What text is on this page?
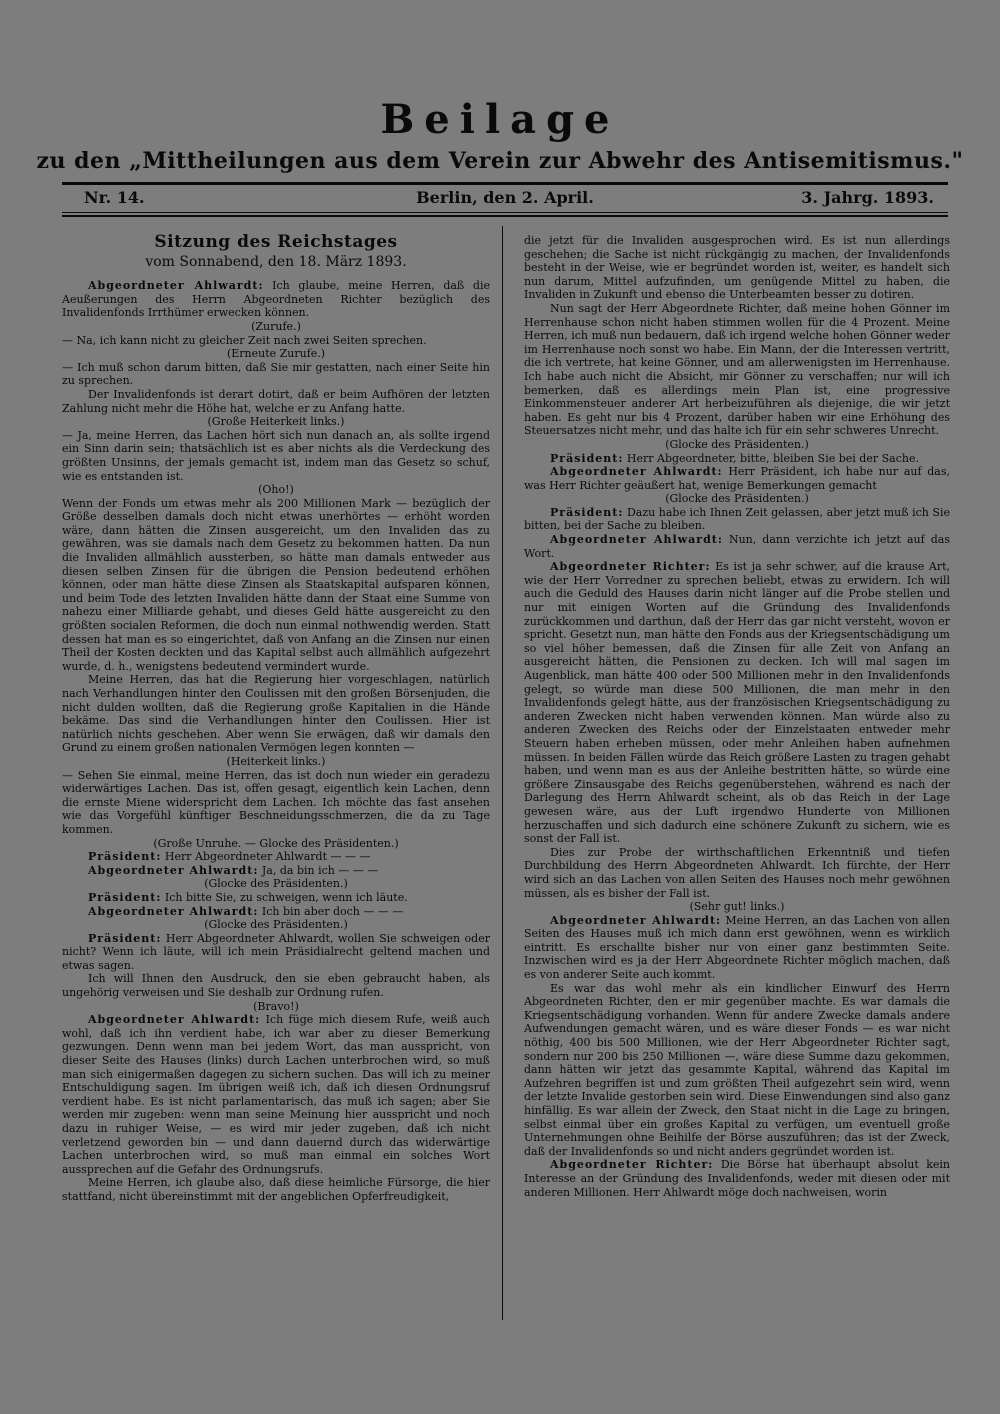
Beilage
zu den „Mittheilungen aus dem Verein zur Abwehr des Antisemitismus."
Nr. 14.	Berlin, den 2. April.	3. Jahrg. 1893.
Sitzung des Reichstages
vom Sonnabend, den 18. März 1893.

Abgeordneter Ahlwardt: Ich glaube, meine Herren, daß die Aeußerungen des Herrn Abgeordneten Richter bezüglich des Invalidenfonds Irrthümer erwecken können.

(Zurufe.)

— Na, ich kann nicht zu gleicher Zeit nach zwei Seiten sprechen.

(Erneute Zurufe.)

— Ich muß schon darum bitten, daß Sie mir gestatten, nach einer Seite hin zu sprechen.

Der Invalidenfonds ist derart dotirt, daß er beim Aufhören der letzten Zahlung nicht mehr die Höhe hat, welche er zu Anfang hatte.

(Große Heiterkeit links.)

— Ja, meine Herren, das Lachen hört sich nun danach an, als sollte irgend ein Sinn darin sein; thatsächlich ist es aber nichts als die Verdeckung des größten Unsinns, der jemals gemacht ist, indem man das Gesetz so schuf, wie es entstanden ist.

(Oho!)

Wenn der Fonds um etwas mehr als 200 Millionen Mark — bezüglich der Größe desselben damals doch nicht etwas unerhörtes — erhöht worden wäre, dann hätten die Zinsen ausgereicht, um den Invaliden das zu gewähren, was sie damals nach dem Gesetz zu bekommen hatten. Da nun die Invaliden allmählich aussterben, so hätte man damals entweder aus diesen selben Zinsen für die übrigen die Pension bedeutend erhöhen können, oder man hätte diese Zinsen als Staatskapital aufsparen können, und beim Tode des letzten Invaliden hätte dann der Staat eine Summe von nahezu einer Milliarde gehabt, und dieses Geld hätte ausgereicht zu den größten socialen Reformen, die doch nun einmal nothwendig werden. Statt dessen hat man es so eingerichtet, daß von Anfang an die Zinsen nur einen Theil der Kosten deckten und das Kapital selbst auch allmählich aufgezehrt wurde, d. h., wenigstens bedeutend vermindert wurde.

Meine Herren, das hat die Regierung hier vorgeschlagen, natürlich nach Verhandlungen hinter den Coulissen mit den großen Börsenjuden, die nicht dulden wollten, daß die Regierung große Kapitalien in die Hände bekäme. Das sind die Verhandlungen hinter den Coulissen. Hier ist natürlich nichts geschehen. Aber wenn Sie erwägen, daß wir damals den Grund zu einem großen nationalen Vermögen legen konnten —

(Heiterkeit links.)

— Sehen Sie einmal, meine Herren, das ist doch nun wieder ein geradezu widerwärtiges Lachen. Das ist, offen gesagt, eigentlich kein Lachen, denn die ernste Miene widerspricht dem Lachen. Ich möchte das fast ansehen wie das Vorgefühl künftiger Beschneidungsschmerzen, die da zu Tage kommen.

(Große Unruhe. — Glocke des Präsidenten.)

Präsident: Herr Abgeordneter Ahlwardt — — —

Abgeordneter Ahlwardt: Ja, da bin ich — — —

(Glocke des Präsidenten.)

Präsident: Ich bitte Sie, zu schweigen, wenn ich läute.

Abgeordneter Ahlwardt: Ich bin aber doch — — —

(Glocke des Präsidenten.)

Präsident: Herr Abgeordneter Ahlwardt, wollen Sie schweigen oder nicht? Wenn ich läute, will ich mein Präsidialrecht geltend machen und etwas sagen.

Ich will Ihnen den Ausdruck, den sie eben gebraucht haben, als ungehörig verweisen und Sie deshalb zur Ordnung rufen.

(Bravo!)

Abgeordneter Ahlwardt: Ich füge mich diesem Rufe, weiß auch wohl, daß ich ihn verdient habe, ich war aber zu dieser Bemerkung gezwungen. Denn wenn man bei jedem Wort, das man ausspricht, von dieser Seite des Hauses (links) durch Lachen unterbrochen wird, so muß man sich einigermaßen dagegen zu sichern suchen. Das will ich zu meiner Entschuldigung sagen. Im übrigen weiß ich, daß ich diesen Ordnungsruf verdient habe. Es ist nicht parlamentarisch, das muß ich sagen; aber Sie werden mir zugeben: wenn man seine Meinung hier ausspricht und noch dazu in ruhiger Weise, — es wird mir jeder zugeben, daß ich nicht verletzend geworden bin — und dann dauernd durch das widerwärtige Lachen unterbrochen wird, so muß man einmal ein solches Wort aussprechen auf die Gefahr des Ordnungsrufs.

Meine Herren, ich glaube also, daß diese heimliche Fürsorge, die hier stattfand, nicht übereinstimmt mit der angeblichen Opferfreudigkeit,

die jetzt für die Invaliden ausgesprochen wird. Es ist nun allerdings geschehen; die Sache ist nicht rückgängig zu machen, der Invalidenfonds besteht in der Weise, wie er begründet worden ist, weiter, es handelt sich nun darum, Mittel aufzufinden, um genügende Mittel zu haben, die Invaliden in Zukunft und ebenso die Unterbeamten besser zu dotiren.

Nun sagt der Herr Abgeordnete Richter, daß meine hohen Gönner im Herrenhause schon nicht haben stimmen wollen für die 4 Prozent. Meine Herren, ich muß nun bedauern, daß ich irgend welche hohen Gönner weder im Herrenhause noch sonst wo habe. Ein Mann, der die Interessen vertritt, die ich vertrete, hat keine Gönner, und am allerwenigsten im Herrenhause. Ich habe auch nicht die Absicht, mir Gönner zu verschaffen; nur will ich bemerken, daß es allerdings mein Plan ist, eine progressive Einkommensteuer anderer Art herbeizuführen als diejenige, die wir jetzt haben. Es geht nur bis 4 Prozent, darüber haben wir eine Erhöhung des Steuersatzes nicht mehr, und das halte ich für ein sehr schweres Unrecht.

(Glocke des Präsidenten.)

Präsident: Herr Abgeordneter, bitte, bleiben Sie bei der Sache.

Abgeordneter Ahlwardt: Herr Präsident, ich habe nur auf das, was Herr Richter geäußert hat, wenige Bemerkungen gemacht

(Glocke des Präsidenten.)

Präsident: Dazu habe ich Ihnen Zeit gelassen, aber jetzt muß ich Sie bitten, bei der Sache zu bleiben.

Abgeordneter Ahlwardt: Nun, dann verzichte ich jetzt auf das Wort.

Abgeordneter Richter: Es ist ja sehr schwer, auf die krause Art, wie der Herr Vorredner zu sprechen beliebt, etwas zu erwidern. Ich will auch die Geduld des Hauses darin nicht länger auf die Probe stellen und nur mit einigen Worten auf die Gründung des Invalidenfonds zurückkommen und darthun, daß der Herr das gar nicht versteht, wovon er spricht. Gesetzt nun, man hätte den Fonds aus der Kriegsentschädigung um so viel höher bemessen, daß die Zinsen für alle Zeit von Anfang an ausgereicht hätten, die Pensionen zu decken. Ich will mal sagen im Augenblick, man hätte 400 oder 500 Millionen mehr in den Invalidenfonds gelegt, so würde man diese 500 Millionen, die man mehr in den Invalidenfonds gelegt hätte, aus der französischen Kriegsentschädigung zu anderen Zwecken nicht haben verwenden können. Man würde also zu anderen Zwecken des Reichs oder der Einzelstaaten entweder mehr Steuern haben erheben müssen, oder mehr Anleihen haben aufnehmen müssen. In beiden Fällen würde das Reich größere Lasten zu tragen gehabt haben, und wenn man es aus der Anleihe bestritten hätte, so würde eine größere Zinsausgabe des Reichs gegenüberstehen, während es nach der Darlegung des Herrn Ahlwardt scheint, als ob das Reich in der Lage gewesen wäre, aus der Luft irgendwo Hunderte von Millionen herzuschaffen und sich dadurch eine schönere Zukunft zu sichern, wie es sonst der Fall ist.

Dies zur Probe der wirthschaftlichen Erkenntniß und tiefen Durchbildung des Herrn Abgeordneten Ahlwardt. Ich fürchte, der Herr wird sich an das Lachen von allen Seiten des Hauses noch mehr gewöhnen müssen, als es bisher der Fall ist.

(Sehr gut! links.)

Abgeordneter Ahlwardt: Meine Herren, an das Lachen von allen Seiten des Hauses muß ich mich dann erst gewöhnen, wenn es wirklich eintritt. Es erschallte bisher nur von einer ganz bestimmten Seite. Inzwischen wird es ja der Herr Abgeordnete Richter möglich machen, daß es von anderer Seite auch kommt.

Es war das wohl mehr als ein kindlicher Einwurf des Herrn Abgeordneten Richter, den er mir gegenüber machte. Es war damals die Kriegsentschädigung vorhanden. Wenn für andere Zwecke damals andere Aufwendungen gemacht wären, und es wäre dieser Fonds — es war nicht nöthig, 400 bis 500 Millionen, wie der Herr Abgeordneter Richter sagt, sondern nur 200 bis 250 Millionen —, wäre diese Summe dazu gekommen, dann hätten wir jetzt das gesammte Kapital, während das Kapital im Aufzehren begriffen ist und zum größten Theil aufgezehrt sein wird, wenn der letzte Invalide gestorben sein wird. Diese Einwendungen sind also ganz hinfällig. Es war allein der Zweck, den Staat nicht in die Lage zu bringen, selbst einmal über ein großes Kapital zu verfügen, um eventuell große Unternehmungen ohne Beihilfe der Börse auszuführen; das ist der Zweck, daß der Invalidenfonds so und nicht anders gegründet worden ist.

Abgeordneter Richter: Die Börse hat überhaupt absolut kein Interesse an der Gründung des Invalidenfonds, weder mit diesen oder mit anderen Millionen. Herr Ahlwardt möge doch nachweisen, worin
